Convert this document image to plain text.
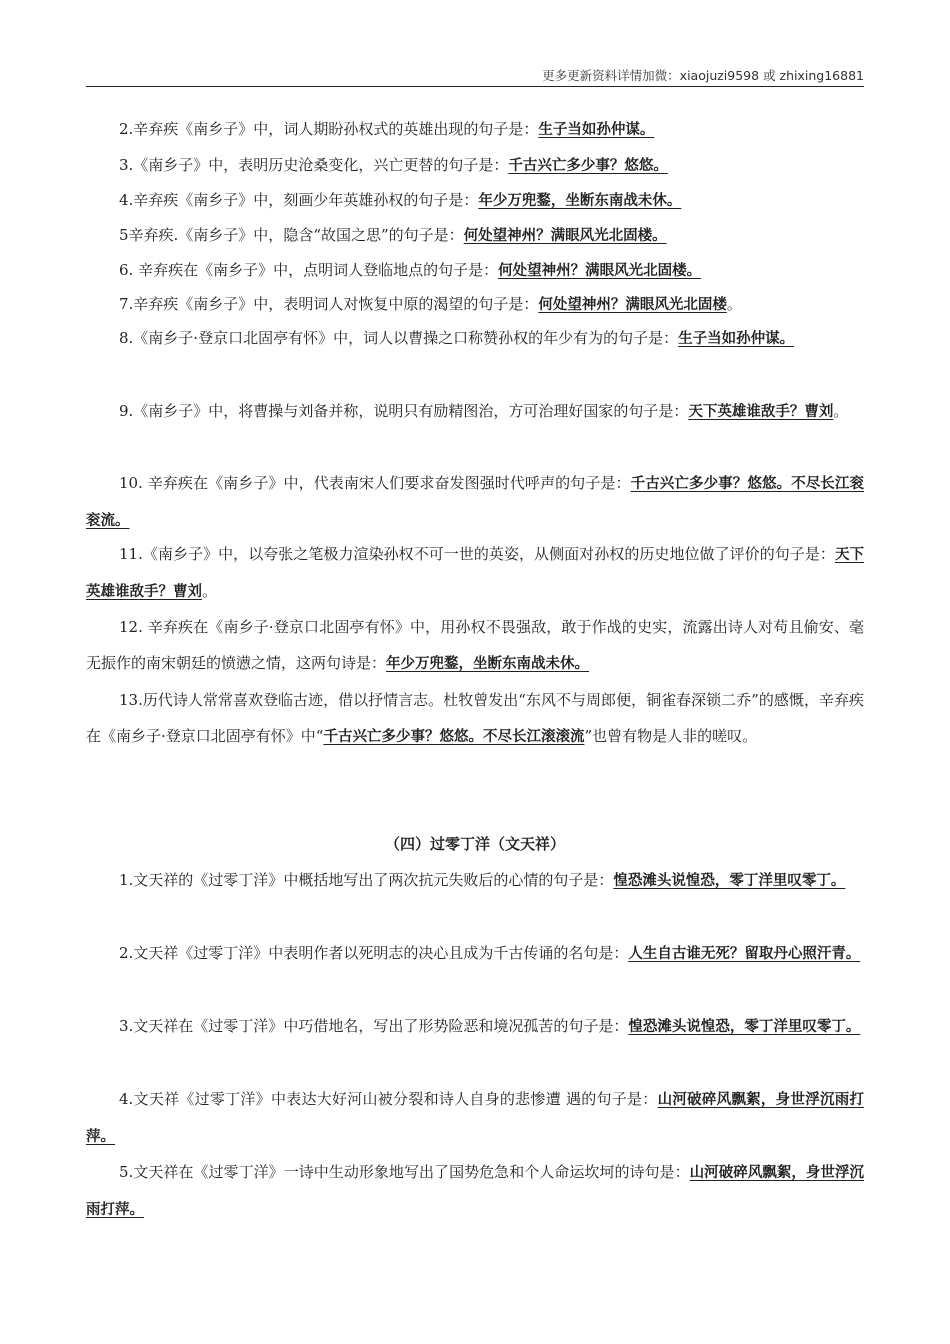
更多更新资料详情加微：xiaojuzi9598 或 zhixing16881

2.辛弃疾《南乡子》中，词人期盼孙权式的英雄出现的句子是：生子当如孙仲谋。

3.《南乡子》中，表明历史沧桑变化，兴亡更替的句子是：千古兴亡多少事？悠悠。

4.辛弃疾《南乡子》中，刻画少年英雄孙权的句子是：年少万兜鍪，坐断东南战未休。

5辛弃疾.《南乡子》中，隐含“故国之思”的句子是：何处望神州？满眼风光北固楼。

6. 辛弃疾在《南乡子》中，点明词人登临地点的句子是：何处望神州？满眼风光北固楼。

7.辛弃疾《南乡子》中，表明词人对恢复中原的渴望的句子是：何处望神州？满眼风光北固楼。

8.《南乡子·登京口北固亭有怀》中，词人以曹操之口称赞孙权的年少有为的句子是：生子当如孙仲谋。

9.《南乡子》中，将曹操与刘备并称，说明只有励精图治，方可治理好国家的句子是：天下英雄谁敌手？曹刘。

10. 辛弃疾在《南乡子》中，代表南宋人们要求奋发图强时代呼声的句子是：千古兴亡多少事？悠悠。不尽长江衮衮流。

11.《南乡子》中，以夸张之笔极力渲染孙权不可一世的英姿，从侧面对孙权的历史地位做了评价的句子是：天下英雄谁敌手？曹刘。

12. 辛弃疾在《南乡子·登京口北固亭有怀》中，用孙权不畏强敌，敢于作战的史实，流露出诗人对苟且偷安、毫无振作的南宋朝廷的愤懑之情，这两句诗是：年少万兜鍪，坐断东南战未休。

13.历代诗人常常喜欢登临古迹，借以抒情言志。杜牧曾发出“东风不与周郎便，铜雀春深锁二乔”的感慨，辛弃疾在《南乡子·登京口北固亭有怀》中“千古兴亡多少事？悠悠。不尽长江滚滚流”也曾有物是人非的嗟叹。

（四）过零丁洋（文天祥）

1.文天祥的《过零丁洋》中概括地写出了两次抗元失败后的心情的句子是：惶恐滩头说惶恐，零丁洋里叹零丁。

2.文天祥《过零丁洋》中表明作者以死明志的决心且成为千古传诵的名句是：人生自古谁无死？留取丹心照汗青。

3.文天祥在《过零丁洋》中巧借地名，写出了形势险恶和境况孤苦的句子是：惶恐滩头说惶恐，零丁洋里叹零丁。

4.文天祥《过零丁洋》中表达大好河山被分裂和诗人自身的悲惨遭 遇的句子是：山河破碎风飘絮，身世浮沉雨打萍。

5.文天祥在《过零丁洋》一诗中生动形象地写出了国势危急和个人命运坎坷的诗句是：山河破碎风飘絮，身世浮沉雨打萍。
